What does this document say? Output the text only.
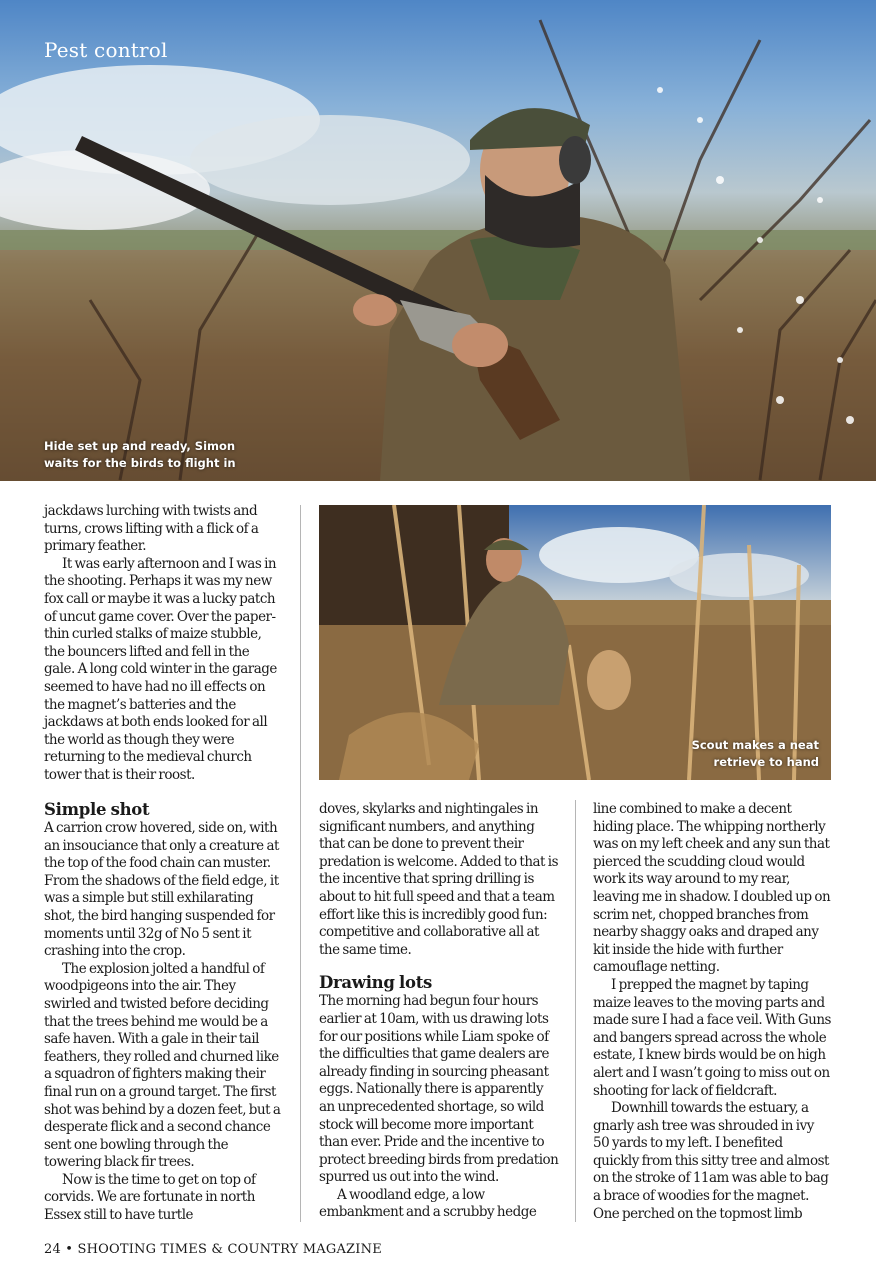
Pest control
Hide set up and ready, Simon
waits for the birds to flight in

jackdaws lurching with twists and turns, crows lifting with a flick of a primary feather.

It was early afternoon and I was in the shooting. Perhaps it was my new fox call or maybe it was a lucky patch of uncut game cover. Over the paper-thin curled stalks of maize stubble, the bouncers lifted and fell in the gale. A long cold winter in the garage seemed to have had no ill effects on the magnet’s batteries and the jackdaws at both ends looked for all the world as though they were returning to the medieval church tower that is their roost.

Simple shot

A carrion crow hovered, side on, with an insouciance that only a creature at the top of the food chain can muster. From the shadows of the field edge, it was a simple but still exhilarating shot, the bird hanging suspended for moments until 32g of No 5 sent it crashing into the crop.

The explosion jolted a handful of woodpigeons into the air. They swirled and twisted before deciding that the trees behind me would be a safe haven. With a gale in their tail feathers, they rolled and churned like a squadron of fighters making their final run on a ground target. The first shot was behind by a dozen feet, but a desperate flick and a second chance sent one bowling through the towering black fir trees.

Now is the time to get on top of corvids. We are fortunate in north Essex still to have turtle

Scout makes a neat
retrieve to hand

doves, skylarks and nightingales in significant numbers, and anything that can be done to prevent their predation is welcome. Added to that is the incentive that spring drilling is about to hit full speed and that a team effort like this is incredibly good fun: competitive and collaborative all at the same time.

Drawing lots

The morning had begun four hours earlier at 10am, with us drawing lots for our positions while Liam spoke of the difficulties that game dealers are already finding in sourcing pheasant eggs. Nationally there is apparently an unprecedented shortage, so wild stock will become more important than ever. Pride and the incentive to protect breeding birds from predation spurred us out into the wind.

A woodland edge, a low embankment and a scrubby hedge

line combined to make a decent hiding place. The whipping northerly was on my left cheek and any sun that pierced the scudding cloud would work its way around to my rear, leaving me in shadow. I doubled up on scrim net, chopped branches from nearby shaggy oaks and draped any kit inside the hide with further camouflage netting.

I prepped the magnet by taping maize leaves to the moving parts and made sure I had a face veil. With Guns and bangers spread across the whole estate, I knew birds would be on high alert and I wasn’t going to miss out on shooting for lack of fieldcraft.

Downhill towards the estuary, a gnarly ash tree was shrouded in ivy 50 yards to my left. I benefited quickly from this sitty tree and almost on the stroke of 11am was able to bag a brace of woodies for the magnet. One perched on the topmost limb

24 • SHOOTING TIMES & COUNTRY MAGAZINE
